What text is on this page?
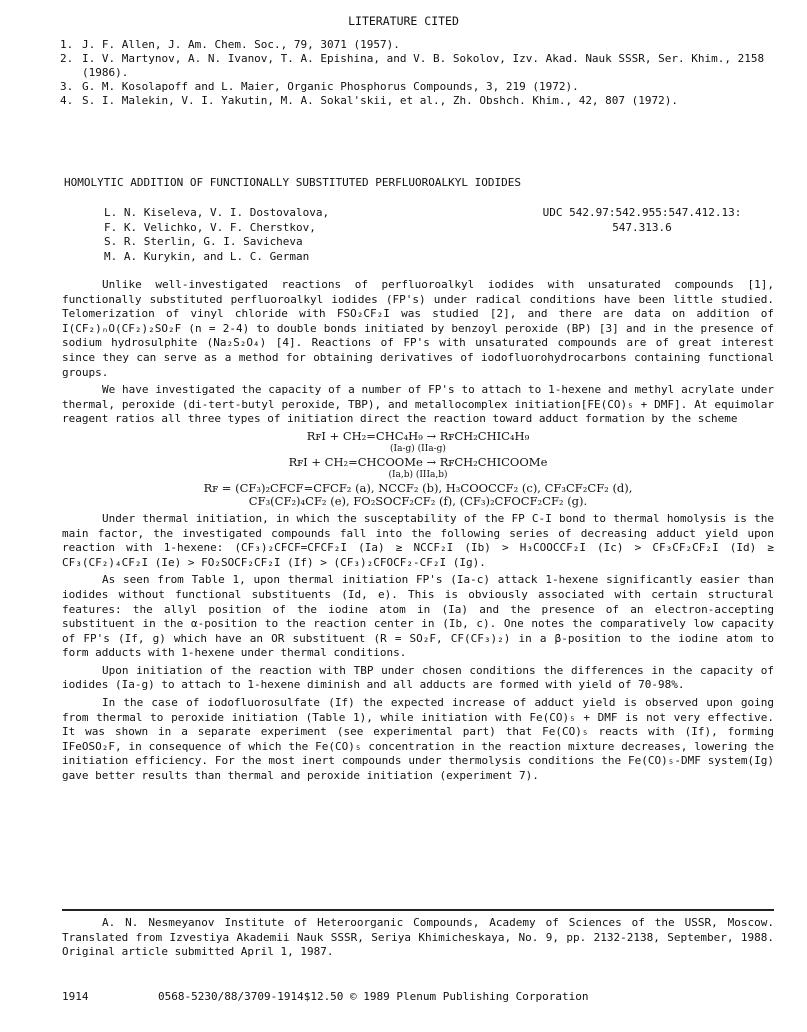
LITERATURE CITED
1. J. F. Allen, J. Am. Chem. Soc., 79, 3071 (1957).
2. I. V. Martynov, A. N. Ivanov, T. A. Epishina, and V. B. Sokolov, Izv. Akad. Nauk SSSR, Ser. Khim., 2158 (1986).
3. G. M. Kosolapoff and L. Maier, Organic Phosphorus Compounds, 3, 219 (1972).
4. S. I. Malekin, V. I. Yakutin, M. A. Sokal'skii, et al., Zh. Obshch. Khim., 42, 807 (1972).
HOMOLYTIC ADDITION OF FUNCTIONALLY SUBSTITUTED PERFLUOROALKYL IODIDES
L. N. Kiseleva, V. I. Dostovalova,
F. K. Velichko, V. F. Cherstkov,
S. R. Sterlin, G. I. Savicheva
M. A. Kurykin, and L. C. German
UDC 542.97:542.955:547.412.13:
547.313.6

Unlike well-investigated reactions of perfluoroalkyl iodides with unsaturated compounds [1], functionally substituted perfluoroalkyl iodides (FP's) under radical conditions have been little studied. Telomerization of vinyl chloride with FSO₂CF₂I was studied [2], and there are data on addition of I(CF₂)ₙO(CF₂)₂SO₂F (n = 2-4) to double bonds initiated by benzoyl peroxide (BP) [3] and in the presence of sodium hydrosulphite (Na₂S₂O₄) [4]. Reactions of FP's with unsaturated compounds are of great interest since they can serve as a method for obtaining derivatives of iodofluorohydrocarbons containing functional groups.

We have investigated the capacity of a number of FP's to attach to 1-hexene and methyl acrylate under thermal, peroxide (di-tert-butyl peroxide, TBP), and metallocomplex initiation[FE(CO)₅ + DMF]. At equimolar reagent ratios all three types of initiation direct the reaction toward adduct formation by the scheme

RꜰI + CH₂=CHC₄H₉ → RꜰCH₂CHIC₄H₉
(Ia-g) (IIa-g)
RꜰI + CH₂=CHCOOMe → RꜰCH₂CHICOOMe
(Ia,b) (IIIa,b)
Rꜰ = (CF₃)₂CFCF=CFCF₂ (a), NCCF₂ (b), H₃COOCCF₂ (c), CF₃CF₂CF₂ (d),
CF₃(CF₂)₄CF₂ (e), FO₂SOCF₂CF₂ (f), (CF₃)₂CFOCF₂CF₂ (g).

Under thermal initiation, in which the susceptability of the FP C-I bond to thermal homolysis is the main factor, the investigated compounds fall into the following series of decreasing adduct yield upon reaction with 1-hexene: (CF₃)₂CFCF=CFCF₂I (Ia) ≥ NCCF₂I (Ib) > H₃COOCCF₂I (Ic) > CF₃CF₂CF₂I (Id) ≥ CF₃(CF₂)₄CF₂I (Ie) > FO₂SOCF₂CF₂I (If) > (CF₃)₂CFOCF₂-CF₂I (Ig).

As seen from Table 1, upon thermal initiation FP's (Ia-c) attack 1-hexene significantly easier than iodides without functional substituents (Id, e). This is obviously associated with certain structural features: the allyl position of the iodine atom in (Ia) and the presence of an electron-accepting substituent in the α-position to the reaction center in (Ib, c). One notes the comparatively low capacity of FP's (If, g) which have an OR substituent (R = SO₂F, CF(CF₃)₂) in a β-position to the iodine atom to form adducts with 1-hexene under thermal conditions.

Upon initiation of the reaction with TBP under chosen conditions the differences in the capacity of iodides (Ia-g) to attach to 1-hexene diminish and all adducts are formed with yield of 70-98%.

In the case of iodofluorosulfate (If) the expected increase of adduct yield is observed upon going from thermal to peroxide initiation (Table 1), while initiation with Fe(CO)₅ + DMF is not very effective. It was shown in a separate experiment (see experimental part) that Fe(CO)₅ reacts with (If), forming IFeOSO₂F, in consequence of which the Fe(CO)₅ concentration in the reaction mixture decreases, lowering the initiation efficiency. For the most inert compounds under thermolysis conditions the Fe(CO)₅-DMF system(Ig) gave better results than thermal and peroxide initiation (experiment 7).

A. N. Nesmeyanov Institute of Heteroorganic Compounds, Academy of Sciences of the USSR, Moscow. Translated from Izvestiya Akademii Nauk SSSR, Seriya Khimicheskaya, No. 9, pp. 2132-2138, September, 1988. Original article submitted April 1, 1987.

1914	0568-5230/88/3709-1914$12.50 © 1989 Plenum Publishing Corporation
